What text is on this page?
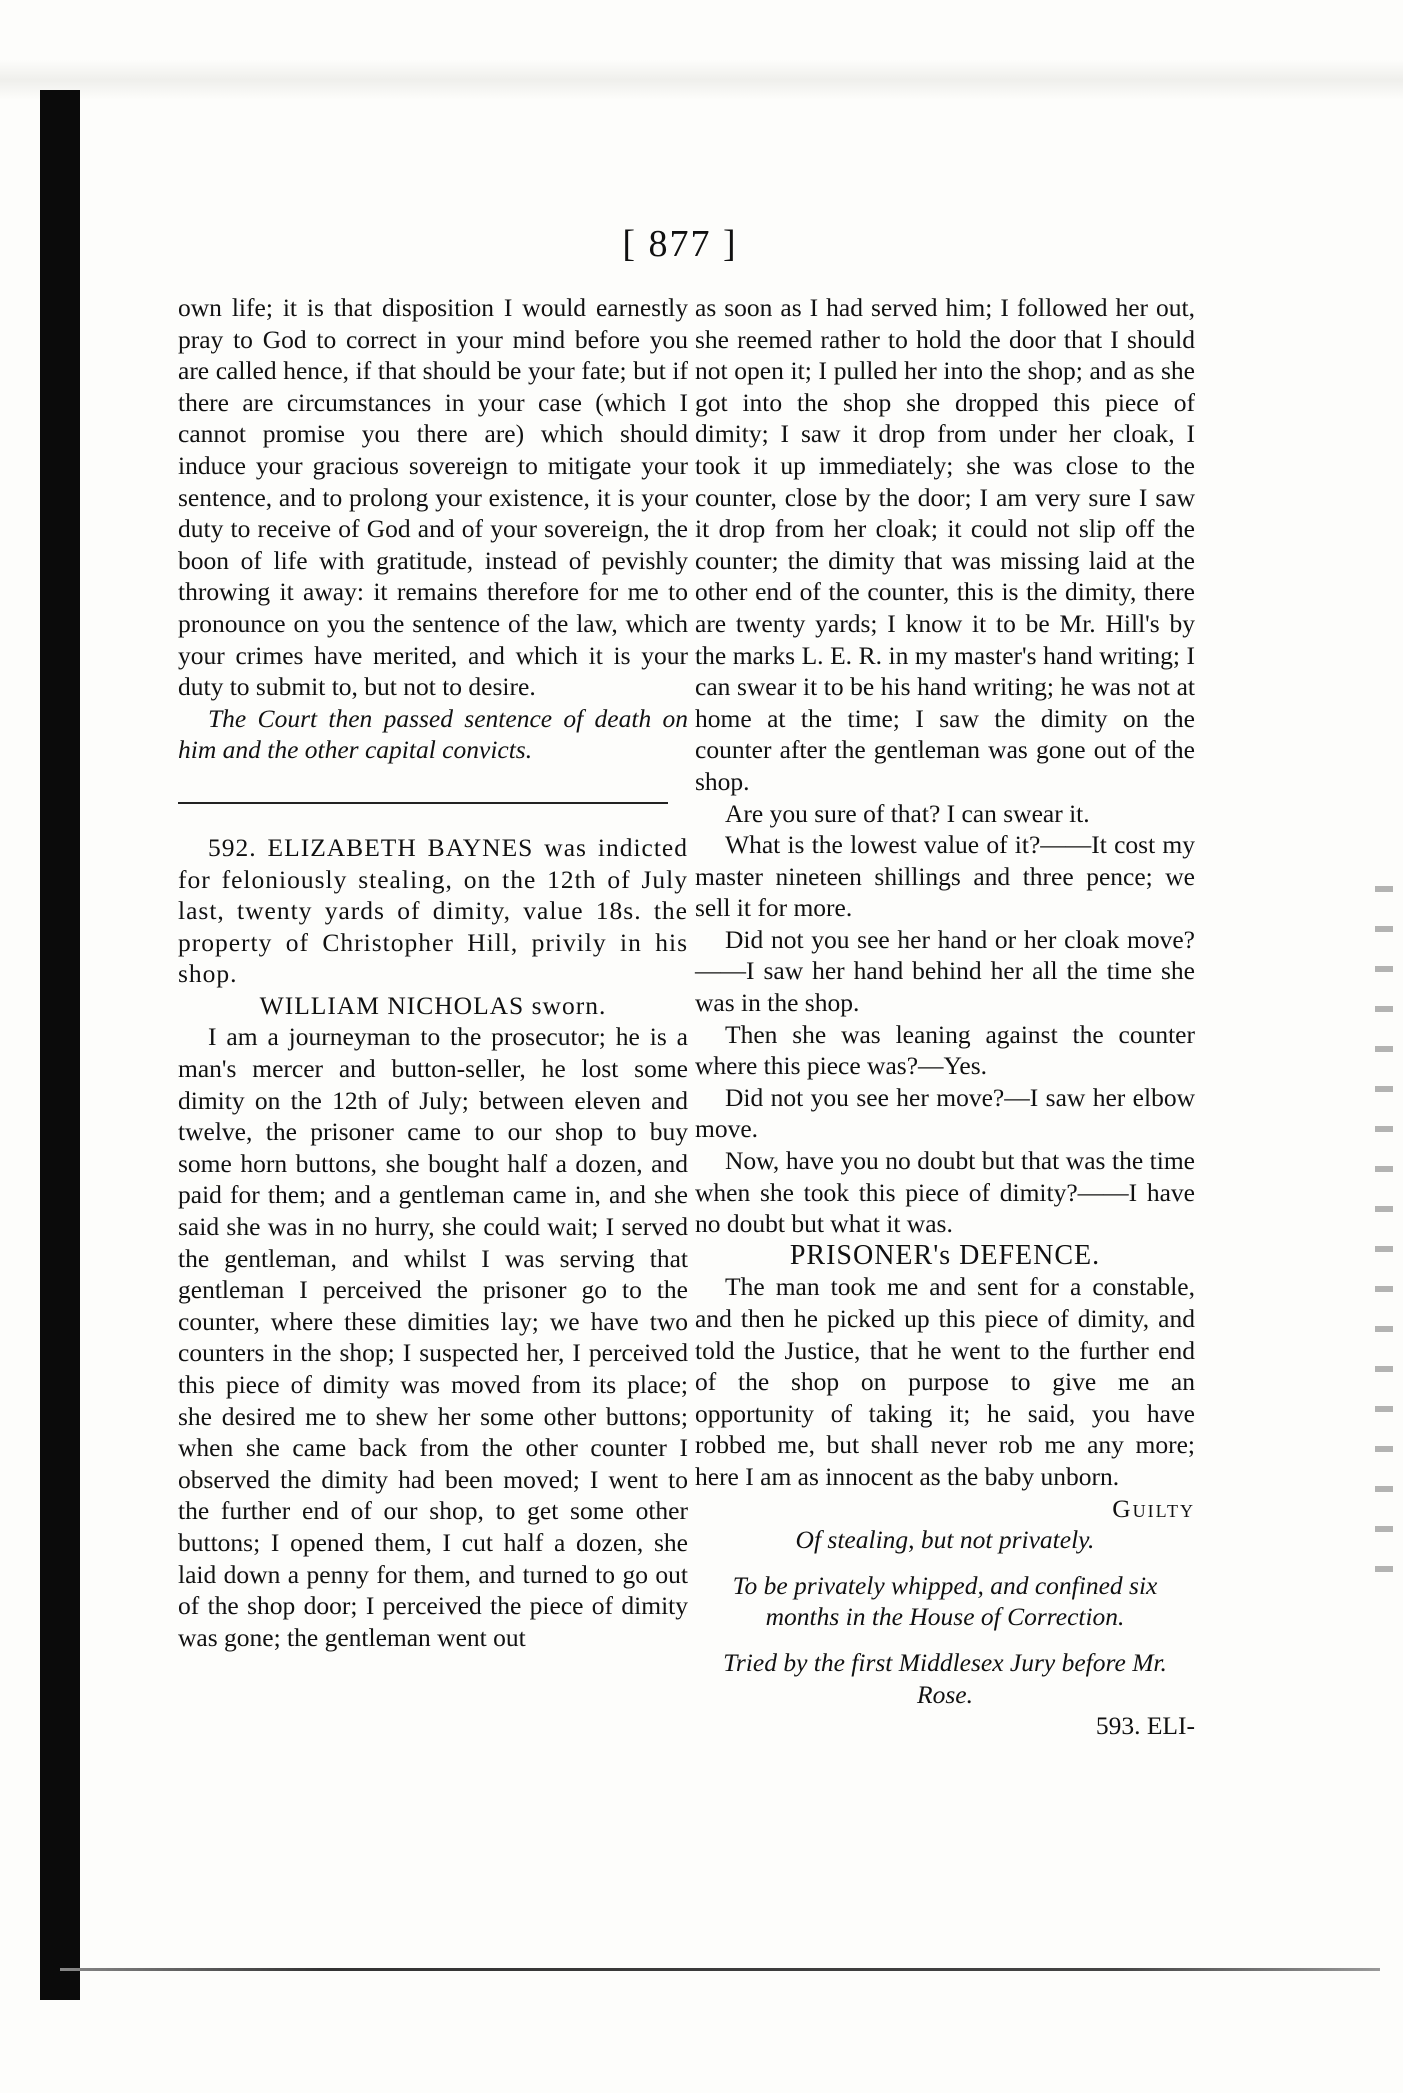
[ 877 ]

own life; it is that disposition I would earnestly pray to God to correct in your mind before you are called hence, if that should be your fate; but if there are circumstances in your case (which I cannot promise you there are) which should induce your gracious sovereign to mitigate your sentence, and to prolong your existence, it is your duty to receive of God and of your sovereign, the boon of life with gratitude, instead of pevishly throwing it away: it remains therefore for me to pronounce on you the sentence of the law, which your crimes have merited, and which it is your duty to submit to, but not to desire.

The Court then passed sentence of death on him and the other capital convicts.

592. ELIZABETH BAYNES was indicted for feloniously stealing, on the 12th of July last, twenty yards of dimity, value 18s. the property of Christopher Hill, privily in his shop.

WILLIAM NICHOLAS sworn.

I am a journeyman to the prosecutor; he is a man's mercer and button-seller, he lost some dimity on the 12th of July; between eleven and twelve, the prisoner came to our shop to buy some horn buttons, she bought half a dozen, and paid for them; and a gentleman came in, and she said she was in no hurry, she could wait; I served the gentleman, and whilst I was serving that gentleman I perceived the prisoner go to the counter, where these dimities lay; we have two counters in the shop; I suspected her, I perceived this piece of dimity was moved from its place; she desired me to shew her some other buttons; when she came back from the other counter I observed the dimity had been moved; I went to the further end of our shop, to get some other buttons; I opened them, I cut half a dozen, she laid down a penny for them, and turned to go out of the shop door; I perceived the piece of dimity was gone; the gentleman went out

as soon as I had served him; I followed her out, she reemed rather to hold the door that I should not open it; I pulled her into the shop; and as she got into the shop she dropped this piece of dimity; I saw it drop from under her cloak, I took it up immediately; she was close to the counter, close by the door; I am very sure I saw it drop from her cloak; it could not slip off the counter; the dimity that was missing laid at the other end of the counter, this is the dimity, there are twenty yards; I know it to be Mr. Hill's by the marks L. E. R. in my master's hand writing; I can swear it to be his hand writing; he was not at home at the time; I saw the dimity on the counter after the gentleman was gone out of the shop.

Are you sure of that? I can swear it.

What is the lowest value of it?——It cost my master nineteen shillings and three pence; we sell it for more.

Did not you see her hand or her cloak move?——I saw her hand behind her all the time she was in the shop.

Then she was leaning against the counter where this piece was?—Yes.

Did not you see her move?—I saw her elbow move.

Now, have you no doubt but that was the time when she took this piece of dimity?——I have no doubt but what it was.

PRISONER's DEFENCE.

The man took me and sent for a constable, and then he picked up this piece of dimity, and told the Justice, that he went to the further end of the shop on purpose to give me an opportunity of taking it; he said, you have robbed me, but shall never rob me any more; here I am as innocent as the baby unborn.

Guilty

Of stealing, but not privately.

To be privately whipped, and confined six months in the House of Correction.

Tried by the first Middlesex Jury before Mr. Rose.

593. ELI-
